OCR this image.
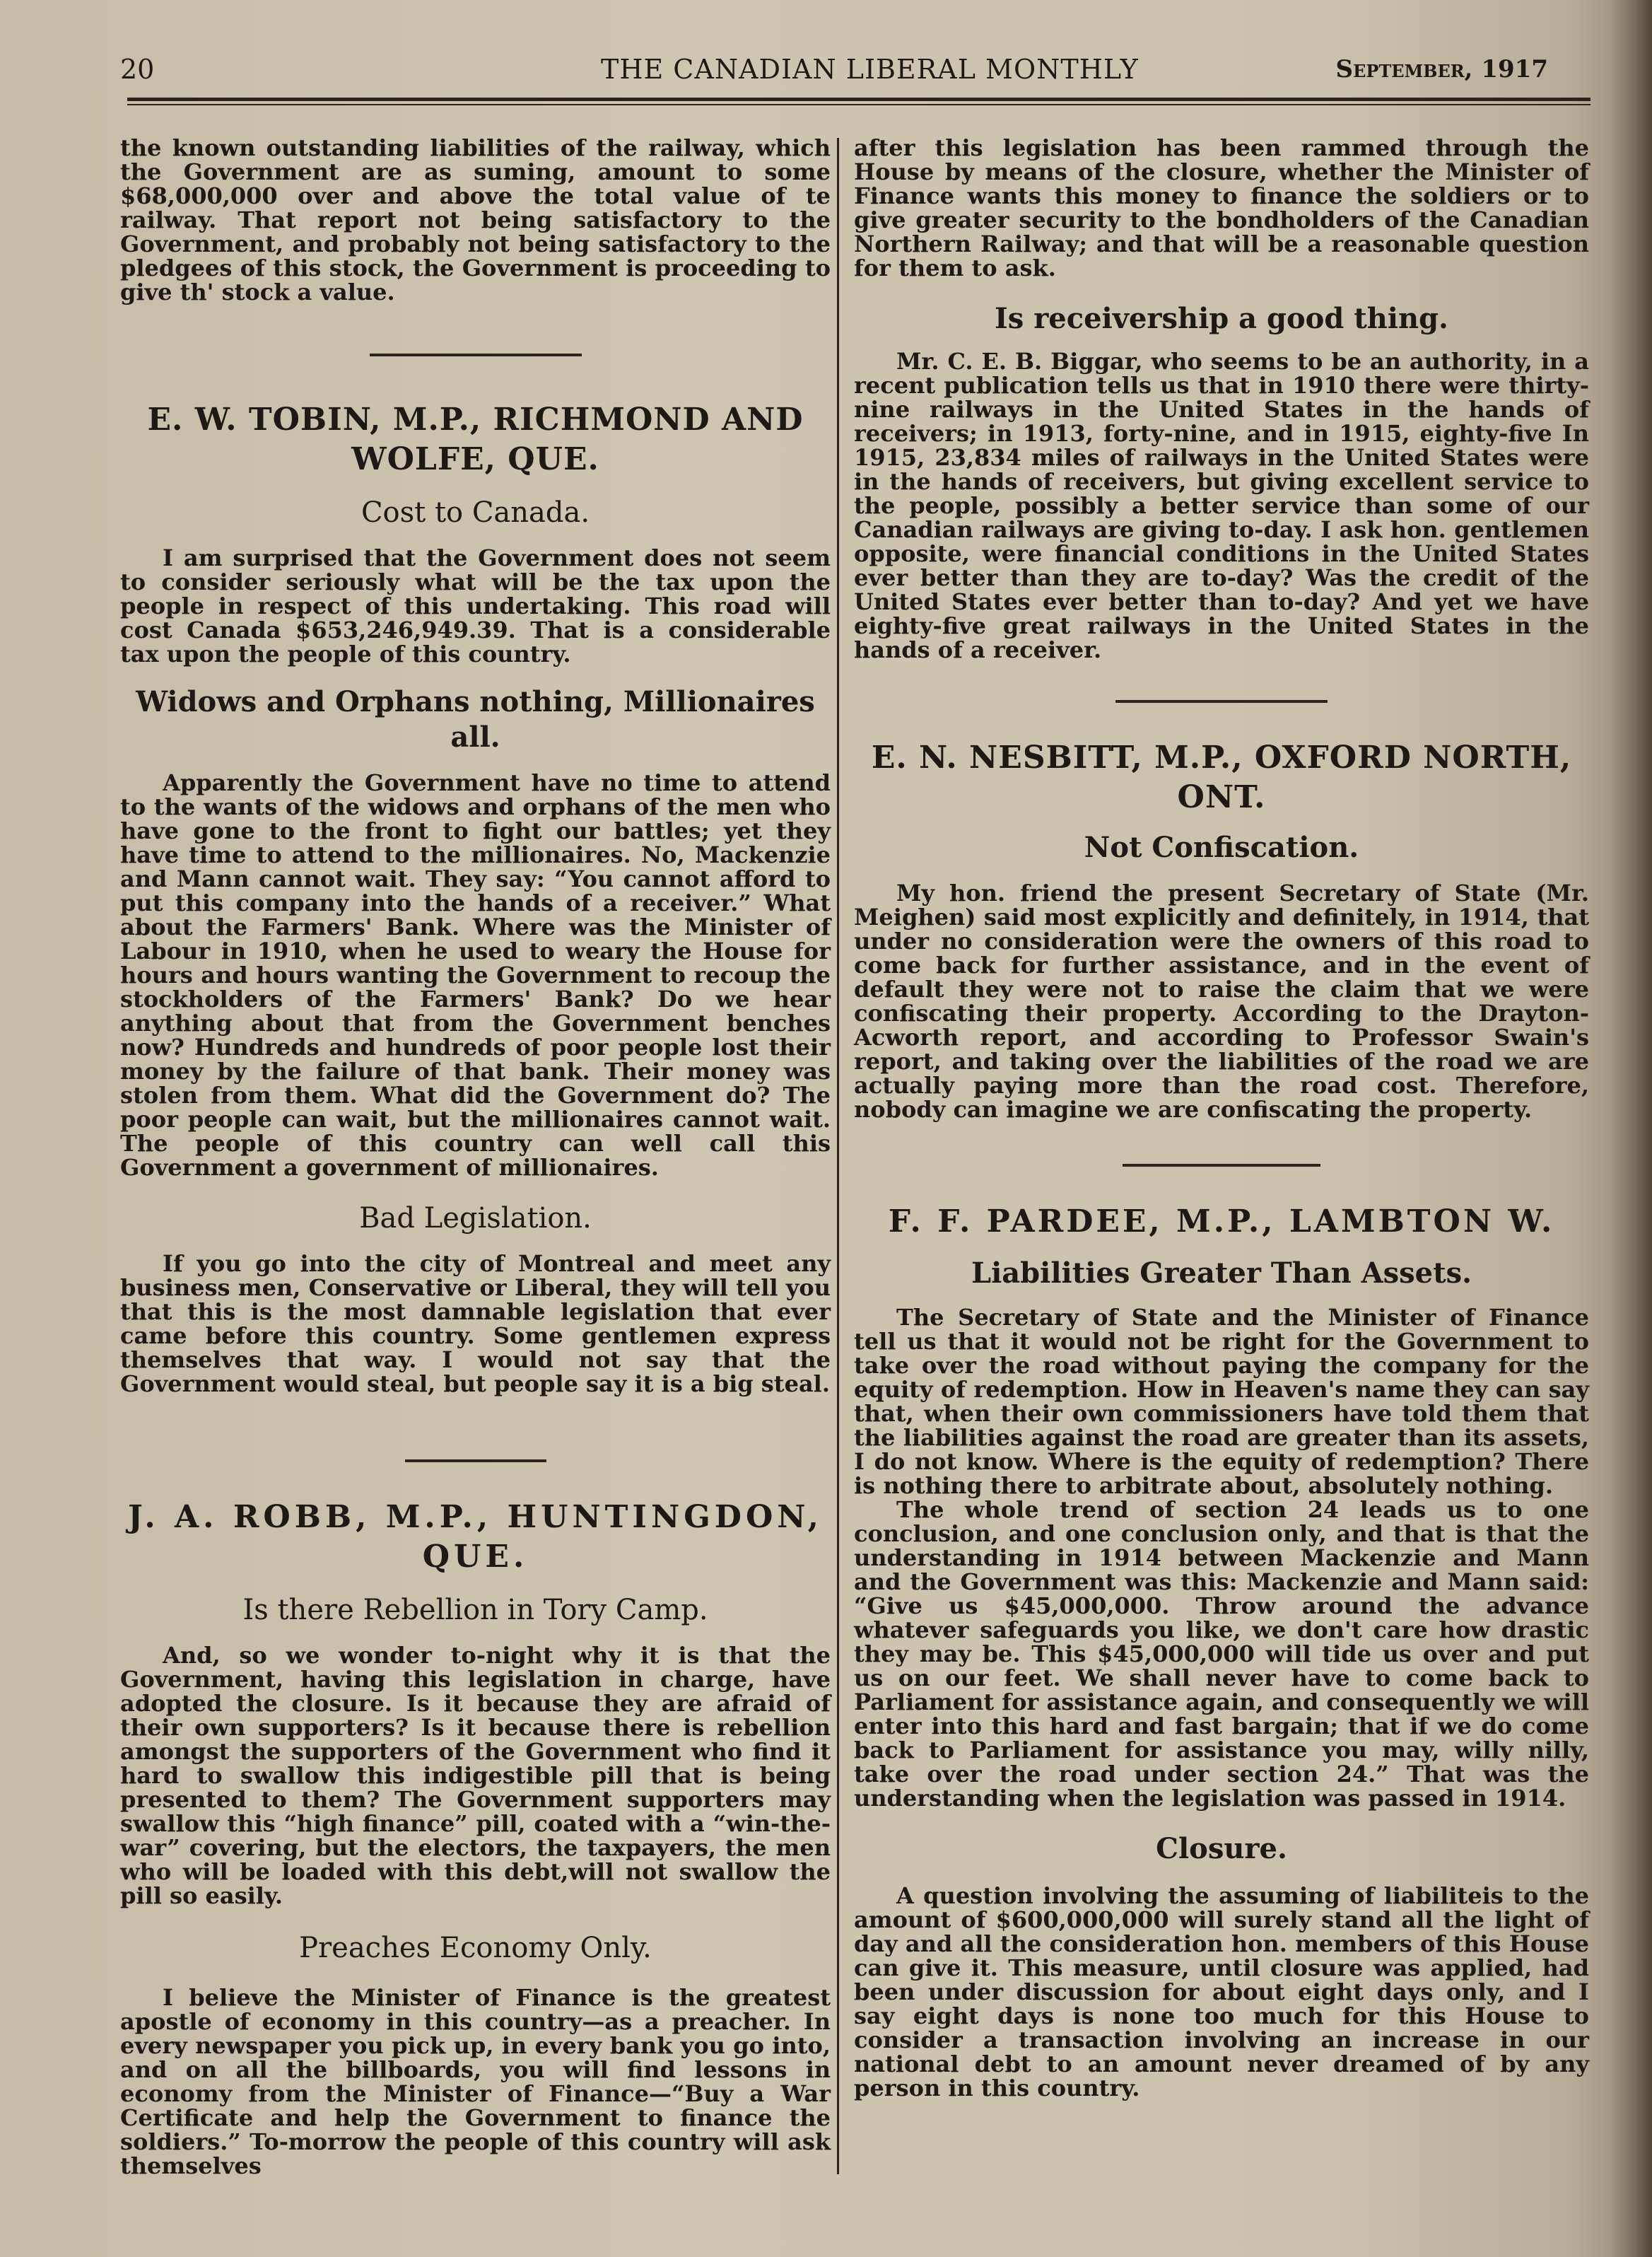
20	THE CANADIAN LIBERAL MONTHLY	September, 1917

the known outstanding liabilities of the railway, which the Government are as suming, amount to some $68,000,000 over and above the total value of te railway. That report not being satisfactory to the Government, and probably not being satisfactory to the pledgees of this stock, the Government is proceeding to give th' stock a value.

E. W. TOBIN, M.P., RICHMOND AND WOLFE, QUE.
Cost to Canada.

I am surprised that the Government does not seem to consider seriously what will be the tax upon the people in respect of this undertaking. This road will cost Canada $653,246,949.39. That is a considerable tax upon the people of this country.

Widows and Orphans nothing, Millionaires all.

Apparently the Government have no time to attend to the wants of the widows and orphans of the men who have gone to the front to fight our battles; yet they have time to attend to the millionaires. No, Mackenzie and Mann cannot wait. They say: “You cannot afford to put this company into the hands of a receiver.” What about the Farmers' Bank. Where was the Minister of Labour in 1910, when he used to weary the House for hours and hours wanting the Government to recoup the stockholders of the Farmers' Bank? Do we hear anything about that from the Government benches now? Hundreds and hundreds of poor people lost their money by the failure of that bank. Their money was stolen from them. What did the Government do? The poor people can wait, but the millionaires cannot wait. The people of this country can well call this Government a government of millionaires.

Bad Legislation.

If you go into the city of Montreal and meet any business men, Conservative or Liberal, they will tell you that this is the most damnable legislation that ever came before this country. Some gentlemen express themselves that way. I would not say that the Government would steal, but people say it is a big steal.

J. A. ROBB, M.P., HUNTINGDON, QUE.
Is there Rebellion in Tory Camp.

And, so we wonder to-night why it is that the Government, having this legislation in charge, have adopted the closure. Is it because they are afraid of their own supporters? Is it because there is rebellion amongst the supporters of the Government who find it hard to swallow this indigestible pill that is being presented to them? The Government supporters may swallow this “high finance” pill, coated with a “win-the-war” covering, but the electors, the taxpayers, the men who will be loaded with this debt,will not swallow the pill so easily.

Preaches Economy Only.

I believe the Minister of Finance is the greatest apostle of economy in this country—as a preacher. In every newspaper you pick up, in every bank you go into, and on all the billboards, you will find lessons in economy from the Minister of Finance—“Buy a War Certificate and help the Government to finance the soldiers.” To-morrow the people of this country will ask themselves

after this legislation has been rammed through the House by means of the closure, whether the Minister of Finance wants this money to finance the soldiers or to give greater security to the bondholders of the Canadian Northern Railway; and that will be a reasonable question for them to ask.

Is receivership a good thing.

Mr. C. E. B. Biggar, who seems to be an authority, in a recent publication tells us that in 1910 there were thirty-nine railways in the United States in the hands of receivers; in 1913, forty-nine, and in 1915, eighty-five In 1915, 23,834 miles of railways in the United States were in the hands of receivers, but giving excellent service to the people, possibly a better service than some of our Canadian railways are giving to-day. I ask hon. gentlemen opposite, were financial conditions in the United States ever better than they are to-day? Was the credit of the United States ever better than to-day? And yet we have eighty-five great railways in the United States in the hands of a receiver.

E. N. NESBITT, M.P., OXFORD NORTH, ONT.
Not Confiscation.

My hon. friend the present Secretary of State (Mr. Meighen) said most explicitly and definitely, in 1914, that under no consideration were the owners of this road to come back for further assistance, and in the event of default they were not to raise the claim that we were confiscating their property. According to the Drayton-Acworth report, and according to Professor Swain's report, and taking over the liabilities of the road we are actually paying more than the road cost. Therefore, nobody can imagine we are confiscating the property.

F. F. PARDEE, M.P., LAMBTON W.
Liabilities Greater Than Assets.

The Secretary of State and the Minister of Finance tell us that it would not be right for the Government to take over the road without paying the company for the equity of redemption. How in Heaven's name they can say that, when their own commissioners have told them that the liabilities against the road are greater than its assets, I do not know. Where is the equity of redemption? There is nothing there to arbitrate about, absolutely nothing.

The whole trend of section 24 leads us to one conclusion, and one conclusion only, and that is that the understanding in 1914 between Mackenzie and Mann and the Government was this: Mackenzie and Mann said: “Give us $45,000,000. Throw around the advance whatever safeguards you like, we don't care how drastic they may be. This $45,000,000 will tide us over and put us on our feet. We shall never have to come back to Parliament for assistance again, and consequently we will enter into this hard and fast bargain; that if we do come back to Parliament for assistance you may, willy nilly, take over the road under section 24.” That was the understanding when the legislation was passed in 1914.

Closure.

A question involving the assuming of liabiliteis to the amount of $600,000,000 will surely stand all the light of day and all the consideration hon. members of this House can give it. This measure, until closure was applied, had been under discussion for about eight days only, and I say eight days is none too much for this House to consider a transaction involving an increase in our national debt to an amount never dreamed of by any person in this country.
